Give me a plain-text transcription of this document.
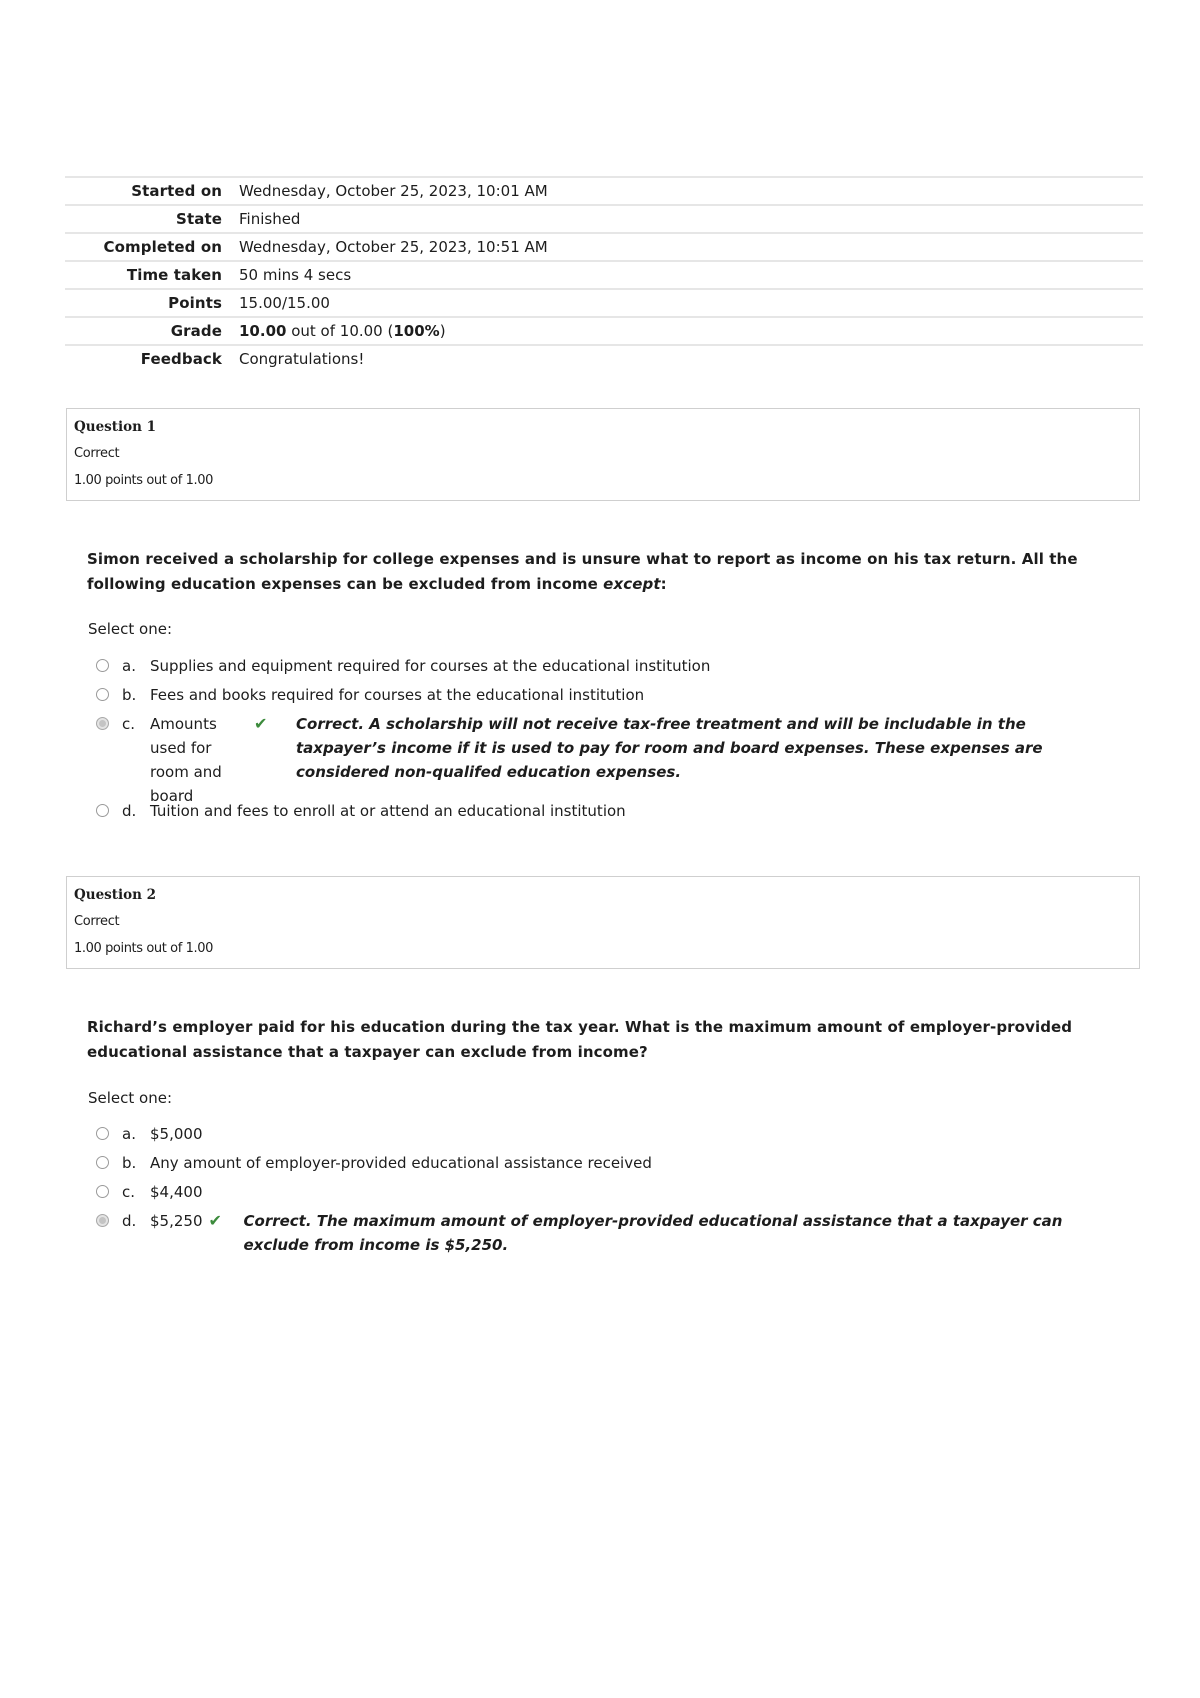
Started on	Wednesday, October 25, 2023, 10:01 AM
State	Finished
Completed on	Wednesday, October 25, 2023, 10:51 AM
Time taken	50 mins 4 secs
Points	15.00/15.00
Grade	10.00 out of 10.00 (100%)
Feedback	Congratulations!
Question 1
Correct
1.00 points out of 1.00
Simon received a scholarship for college expenses and is unsure what to report as income on his tax return. All the following education expenses can be excluded from income except:
Select one:
a. Supplies and equipment required for courses at the educational institution
b. Fees and books required for courses at the educational institution
c. Amounts used for room and board
✔	Correct. A scholarship will not receive tax-free treatment and will be includable in the taxpayer’s income if it is used to pay for room and board expenses. These expenses are considered non-qualifed education expenses.
d. Tuition and fees to enroll at or attend an educational institution
Question 2
Correct
1.00 points out of 1.00
Richard’s employer paid for his education during the tax year. What is the maximum amount of employer-provided educational assistance that a taxpayer can exclude from income?
Select one:
a. $5,000
b. Any amount of employer-provided educational assistance received
c. $4,400
d. $5,250 ✔	Correct. The maximum amount of employer-provided educational assistance that a taxpayer can exclude from income is $5,250.
